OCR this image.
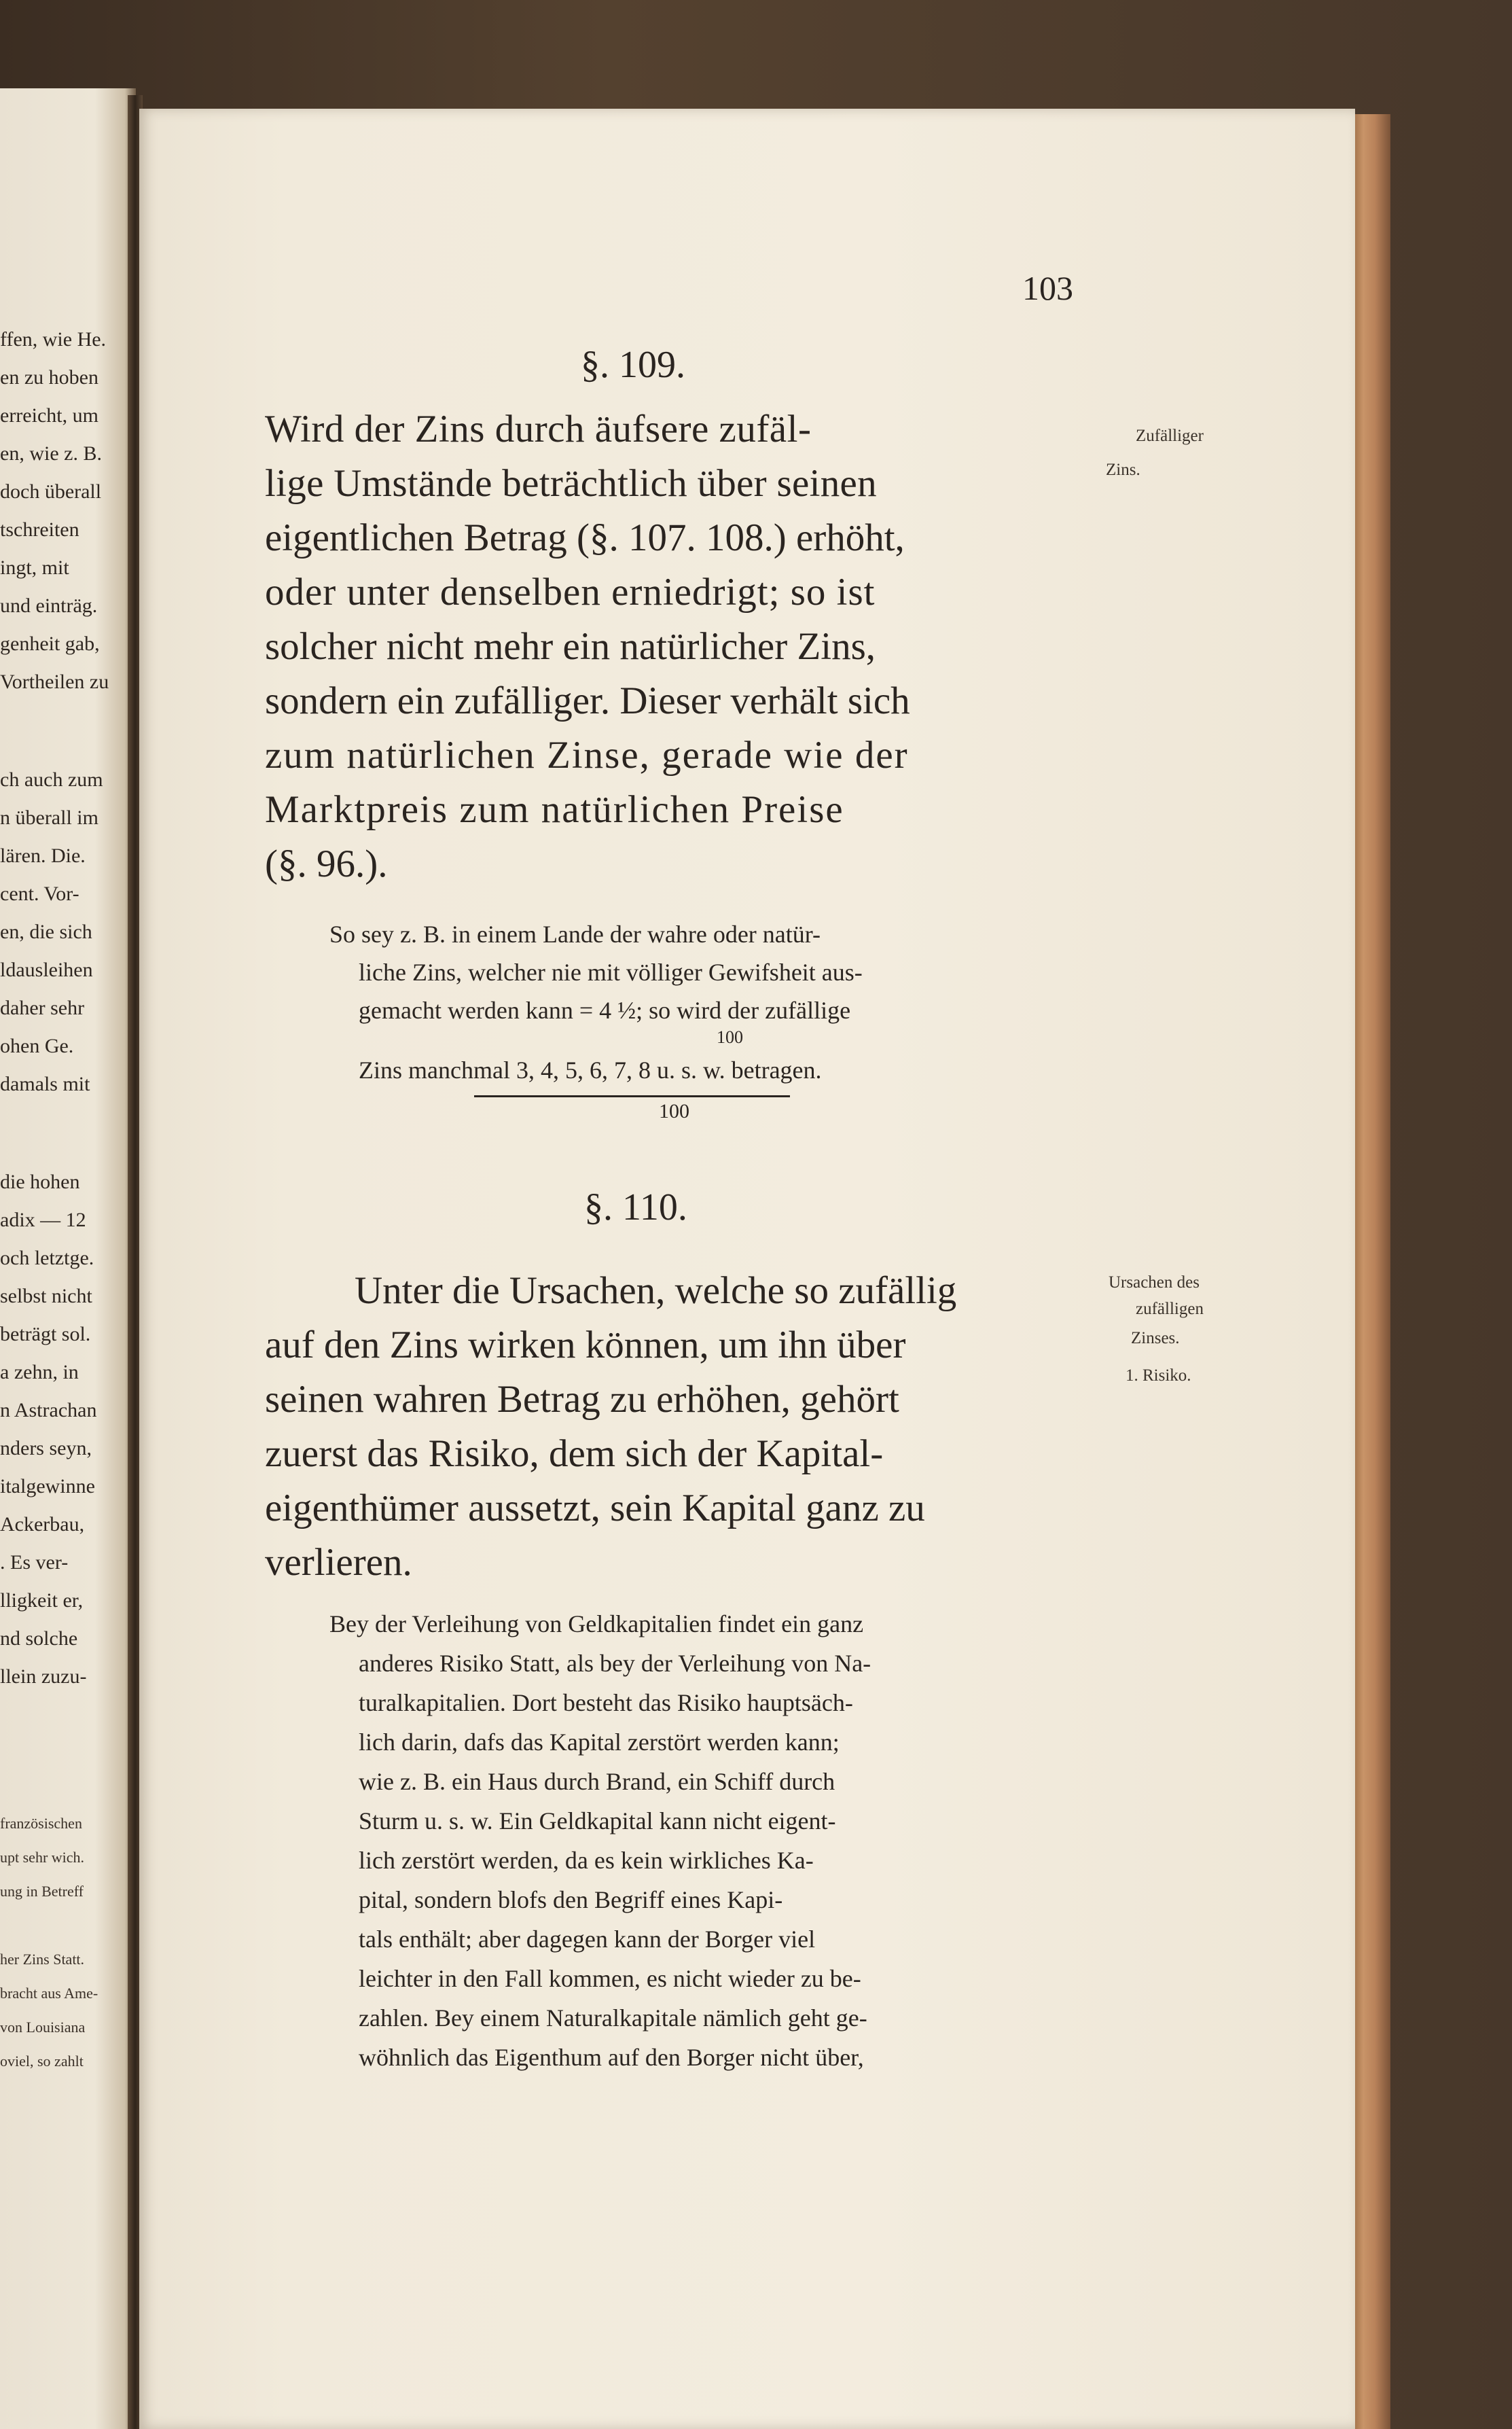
ffen, wie He.
en zu hoben
erreicht, um
en, wie z. B.
doch überall
tschreiten
ingt, mit
und einträg.
genheit gab,
Vortheilen zu
ch auch zum
n überall im
lären. Die.
cent. Vor-
en, die sich
ldausleihen
daher sehr
ohen Ge.
damals mit
die hohen
adix — 12
och letztge.
selbst nicht
beträgt sol.
a zehn, in
n Astrachan
nders seyn,
italgewinne
Ackerbau,
. Es ver-
lligkeit er,
nd solche
llein zuzu-
französischen
upt sehr wich.
ung in Betreff
her Zins Statt.
bracht aus Ame-
von Louisiana
oviel, so zahlt
103
§. 109.
Wird der Zins durch äufsere zufäl-
lige Umstände beträchtlich über seinen
eigentlichen Betrag (§. 107. 108.) erhöht,
oder unter denselben erniedrigt; so ist
solcher nicht mehr ein natürlicher Zins,
sondern ein zufälliger. Dieser verhält sich
zum natürlichen Zinse, gerade wie der
Marktpreis zum natürlichen Preise
(§. 96.).
Zufälliger
Zins.
So sey z. B. in einem Lande der wahre oder natür-
liche Zins, welcher nie mit völliger Gewifsheit aus-
gemacht werden kann = 4 ½; so wird der zufällige
100
Zins manchmal 3, 4, 5, 6, 7, 8 u. s. w. betragen.
100
§. 110.
Unter die Ursachen, welche so zufällig
auf den Zins wirken können, um ihn über
seinen wahren Betrag zu erhöhen, gehört
zuerst das Risiko, dem sich der Kapital-
eigenthümer aussetzt, sein Kapital ganz zu
verlieren.
Ursachen des
zufälligen
Zinses.
1. Risiko.
Bey der Verleihung von Geldkapitalien findet ein ganz
anderes Risiko Statt, als bey der Verleihung von Na-
turalkapitalien. Dort besteht das Risiko hauptsäch-
lich darin, dafs das Kapital zerstört werden kann;
wie z. B. ein Haus durch Brand, ein Schiff durch
Sturm u. s. w. Ein Geldkapital kann nicht eigent-
lich zerstört werden, da es kein wirkliches Ka-
pital, sondern blofs den Begriff eines Kapi-
tals enthält; aber dagegen kann der Borger viel
leichter in den Fall kommen, es nicht wieder zu be-
zahlen. Bey einem Naturalkapitale nämlich geht ge-
wöhnlich das Eigenthum auf den Borger nicht über,
